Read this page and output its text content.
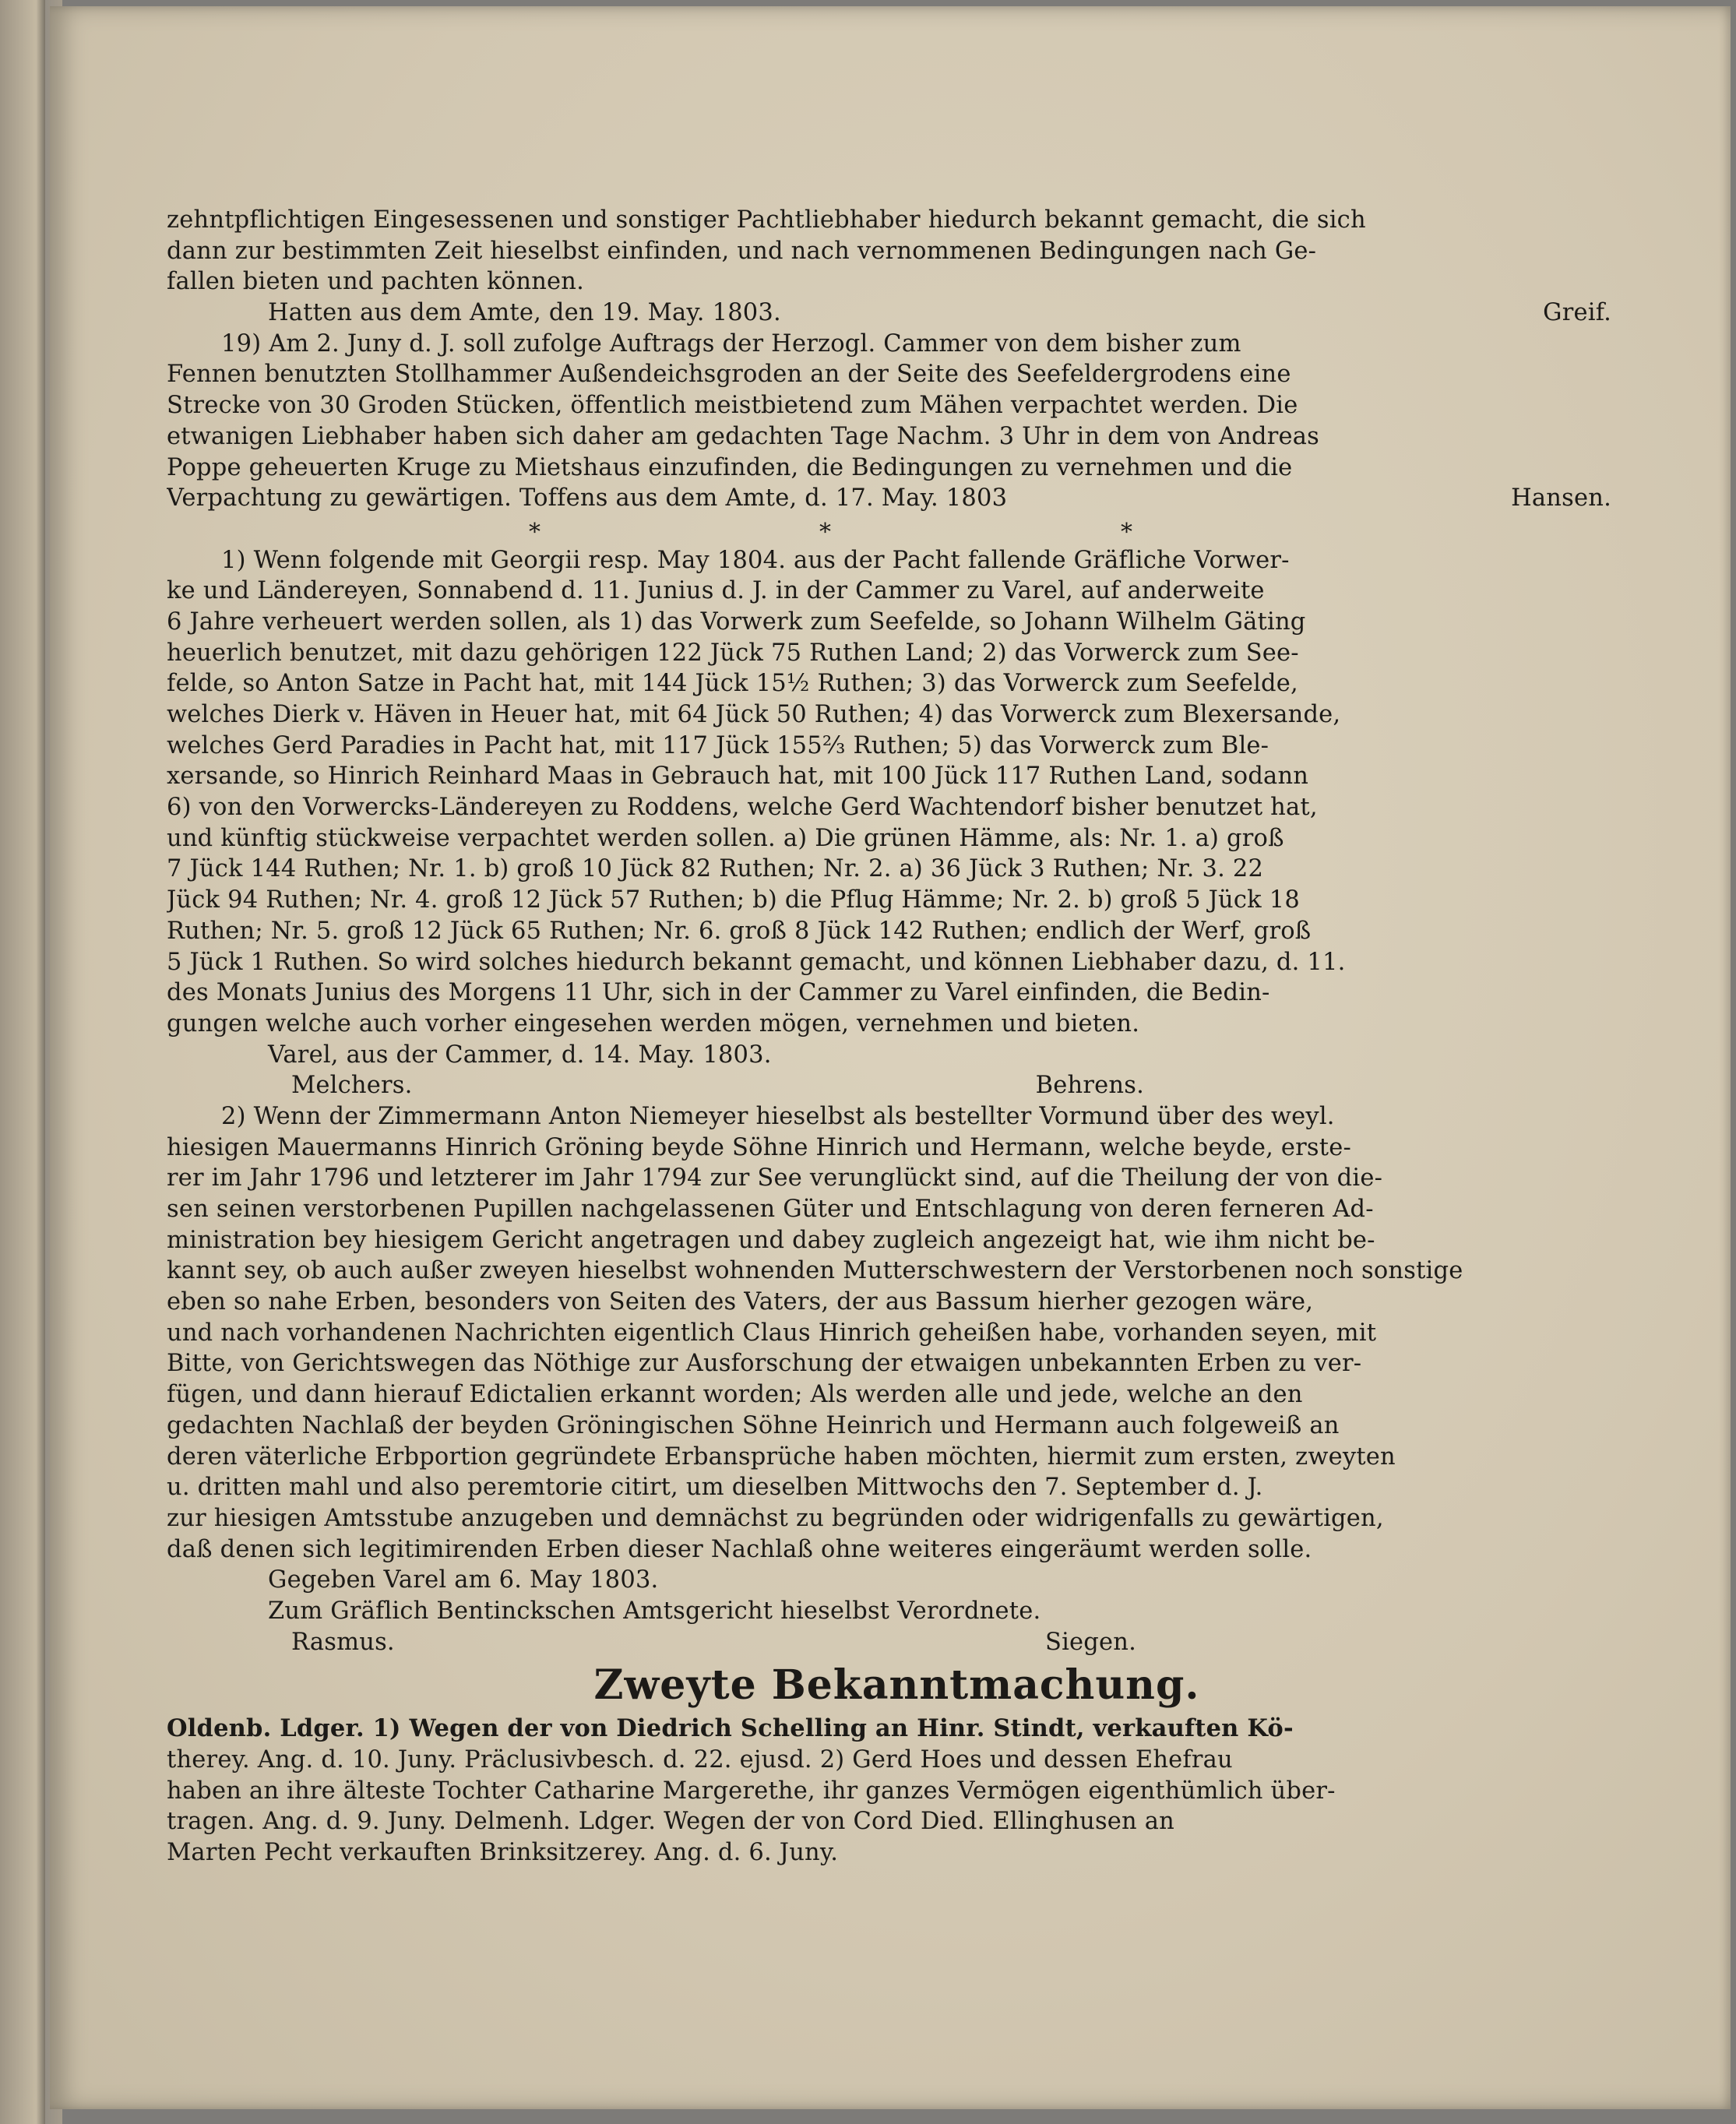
zehntpflichtigen Eingesessenen und sonstiger Pachtliebhaber hiedurch bekannt gemacht, die sich
dann zur bestimmten Zeit hieselbst einfinden, und nach vernommenen Bedingungen nach Ge-
fallen bieten und pachten können.
Hatten aus dem Amte, den 19. May. 1803.	Greif.
19) Am 2. Juny d. J. soll zufolge Auftrags der Herzogl. Cammer von dem bisher zum
Fennen benutzten Stollhammer Außendeichsgroden an der Seite des Seefeldergrodens eine
Strecke von 30 Groden Stücken, öffentlich meistbietend zum Mähen verpachtet werden. Die
etwanigen Liebhaber haben sich daher am gedachten Tage Nachm. 3 Uhr in dem von Andreas
Poppe geheuerten Kruge zu Mietshaus einzufinden, die Bedingungen zu vernehmen und die
Verpachtung zu gewärtigen. Toffens aus dem Amte, d. 17. May. 1803	Hansen.
*	*	*
1) Wenn folgende mit Georgii resp. May 1804. aus der Pacht fallende Gräfliche Vorwer-
ke und Ländereyen, Sonnabend d. 11. Junius d. J. in der Cammer zu Varel, auf anderweite
6 Jahre verheuert werden sollen, als 1) das Vorwerk zum Seefelde, so Johann Wilhelm Gäting
heuerlich benutzet, mit dazu gehörigen 122 Jück 75 Ruthen Land; 2) das Vorwerck zum See-
felde, so Anton Satze in Pacht hat, mit 144 Jück 15½ Ruthen; 3) das Vorwerck zum Seefelde,
welches Dierk v. Häven in Heuer hat, mit 64 Jück 50 Ruthen; 4) das Vorwerck zum Blexersande,
welches Gerd Paradies in Pacht hat, mit 117 Jück 155⅔ Ruthen; 5) das Vorwerck zum Ble-
xersande, so Hinrich Reinhard Maas in Gebrauch hat, mit 100 Jück 117 Ruthen Land, sodann
6) von den Vorwercks-Ländereyen zu Roddens, welche Gerd Wachtendorf bisher benutzet hat,
und künftig stückweise verpachtet werden sollen. a) Die grünen Hämme, als: Nr. 1. a) groß
7 Jück 144 Ruthen; Nr. 1. b) groß 10 Jück 82 Ruthen; Nr. 2. a) 36 Jück 3 Ruthen; Nr. 3. 22
Jück 94 Ruthen; Nr. 4. groß 12 Jück 57 Ruthen; b) die Pflug Hämme; Nr. 2. b) groß 5 Jück 18
Ruthen; Nr. 5. groß 12 Jück 65 Ruthen; Nr. 6. groß 8 Jück 142 Ruthen; endlich der Werf, groß
5 Jück 1 Ruthen. So wird solches hiedurch bekannt gemacht, und können Liebhaber dazu, d. 11.
des Monats Junius des Morgens 11 Uhr, sich in der Cammer zu Varel einfinden, die Bedin-
gungen welche auch vorher eingesehen werden mögen, vernehmen und bieten.
Varel, aus der Cammer, d. 14. May. 1803.
Melchers.	Behrens.
2) Wenn der Zimmermann Anton Niemeyer hieselbst als bestellter Vormund über des weyl.
hiesigen Mauermanns Hinrich Gröning beyde Söhne Hinrich und Hermann, welche beyde, erste-
rer im Jahr 1796 und letzterer im Jahr 1794 zur See verunglückt sind, auf die Theilung der von die-
sen seinen verstorbenen Pupillen nachgelassenen Güter und Entschlagung von deren ferneren Ad-
ministration bey hiesigem Gericht angetragen und dabey zugleich angezeigt hat, wie ihm nicht be-
kannt sey, ob auch außer zweyen hieselbst wohnenden Mutterschwestern der Verstorbenen noch sonstige
eben so nahe Erben, besonders von Seiten des Vaters, der aus Bassum hierher gezogen wäre,
und nach vorhandenen Nachrichten eigentlich Claus Hinrich geheißen habe, vorhanden seyen, mit
Bitte, von Gerichtswegen das Nöthige zur Ausforschung der etwaigen unbekannten Erben zu ver-
fügen, und dann hierauf Edictalien erkannt worden; Als werden alle und jede, welche an den
gedachten Nachlaß der beyden Gröningischen Söhne Heinrich und Hermann auch folgeweiß an
deren väterliche Erbportion gegründete Erbansprüche haben möchten, hiermit zum ersten, zweyten
u. dritten mahl und also peremtorie citirt, um dieselben Mittwochs den 7. September d. J.
zur hiesigen Amtsstube anzugeben und demnächst zu begründen oder widrigenfalls zu gewärtigen,
daß denen sich legitimirenden Erben dieser Nachlaß ohne weiteres eingeräumt werden solle.
Gegeben Varel am 6. May 1803.
Zum Gräflich Bentinckschen Amtsgericht hieselbst Verordnete.
Rasmus.	Siegen.
Zweyte Bekanntmachung.
Oldenb. Ldger. 1) Wegen der von Diedrich Schelling an Hinr. Stindt, verkauften Kö-
therey. Ang. d. 10. Juny. Präclusivbesch. d. 22. ejusd. 2) Gerd Hoes und dessen Ehefrau
haben an ihre älteste Tochter Catharine Margerethe, ihr ganzes Vermögen eigenthümlich über-
tragen. Ang. d. 9. Juny. Delmenh. Ldger. Wegen der von Cord Died. Ellinghusen an
Marten Pecht verkauften Brinksitzerey. Ang. d. 6. Juny.
